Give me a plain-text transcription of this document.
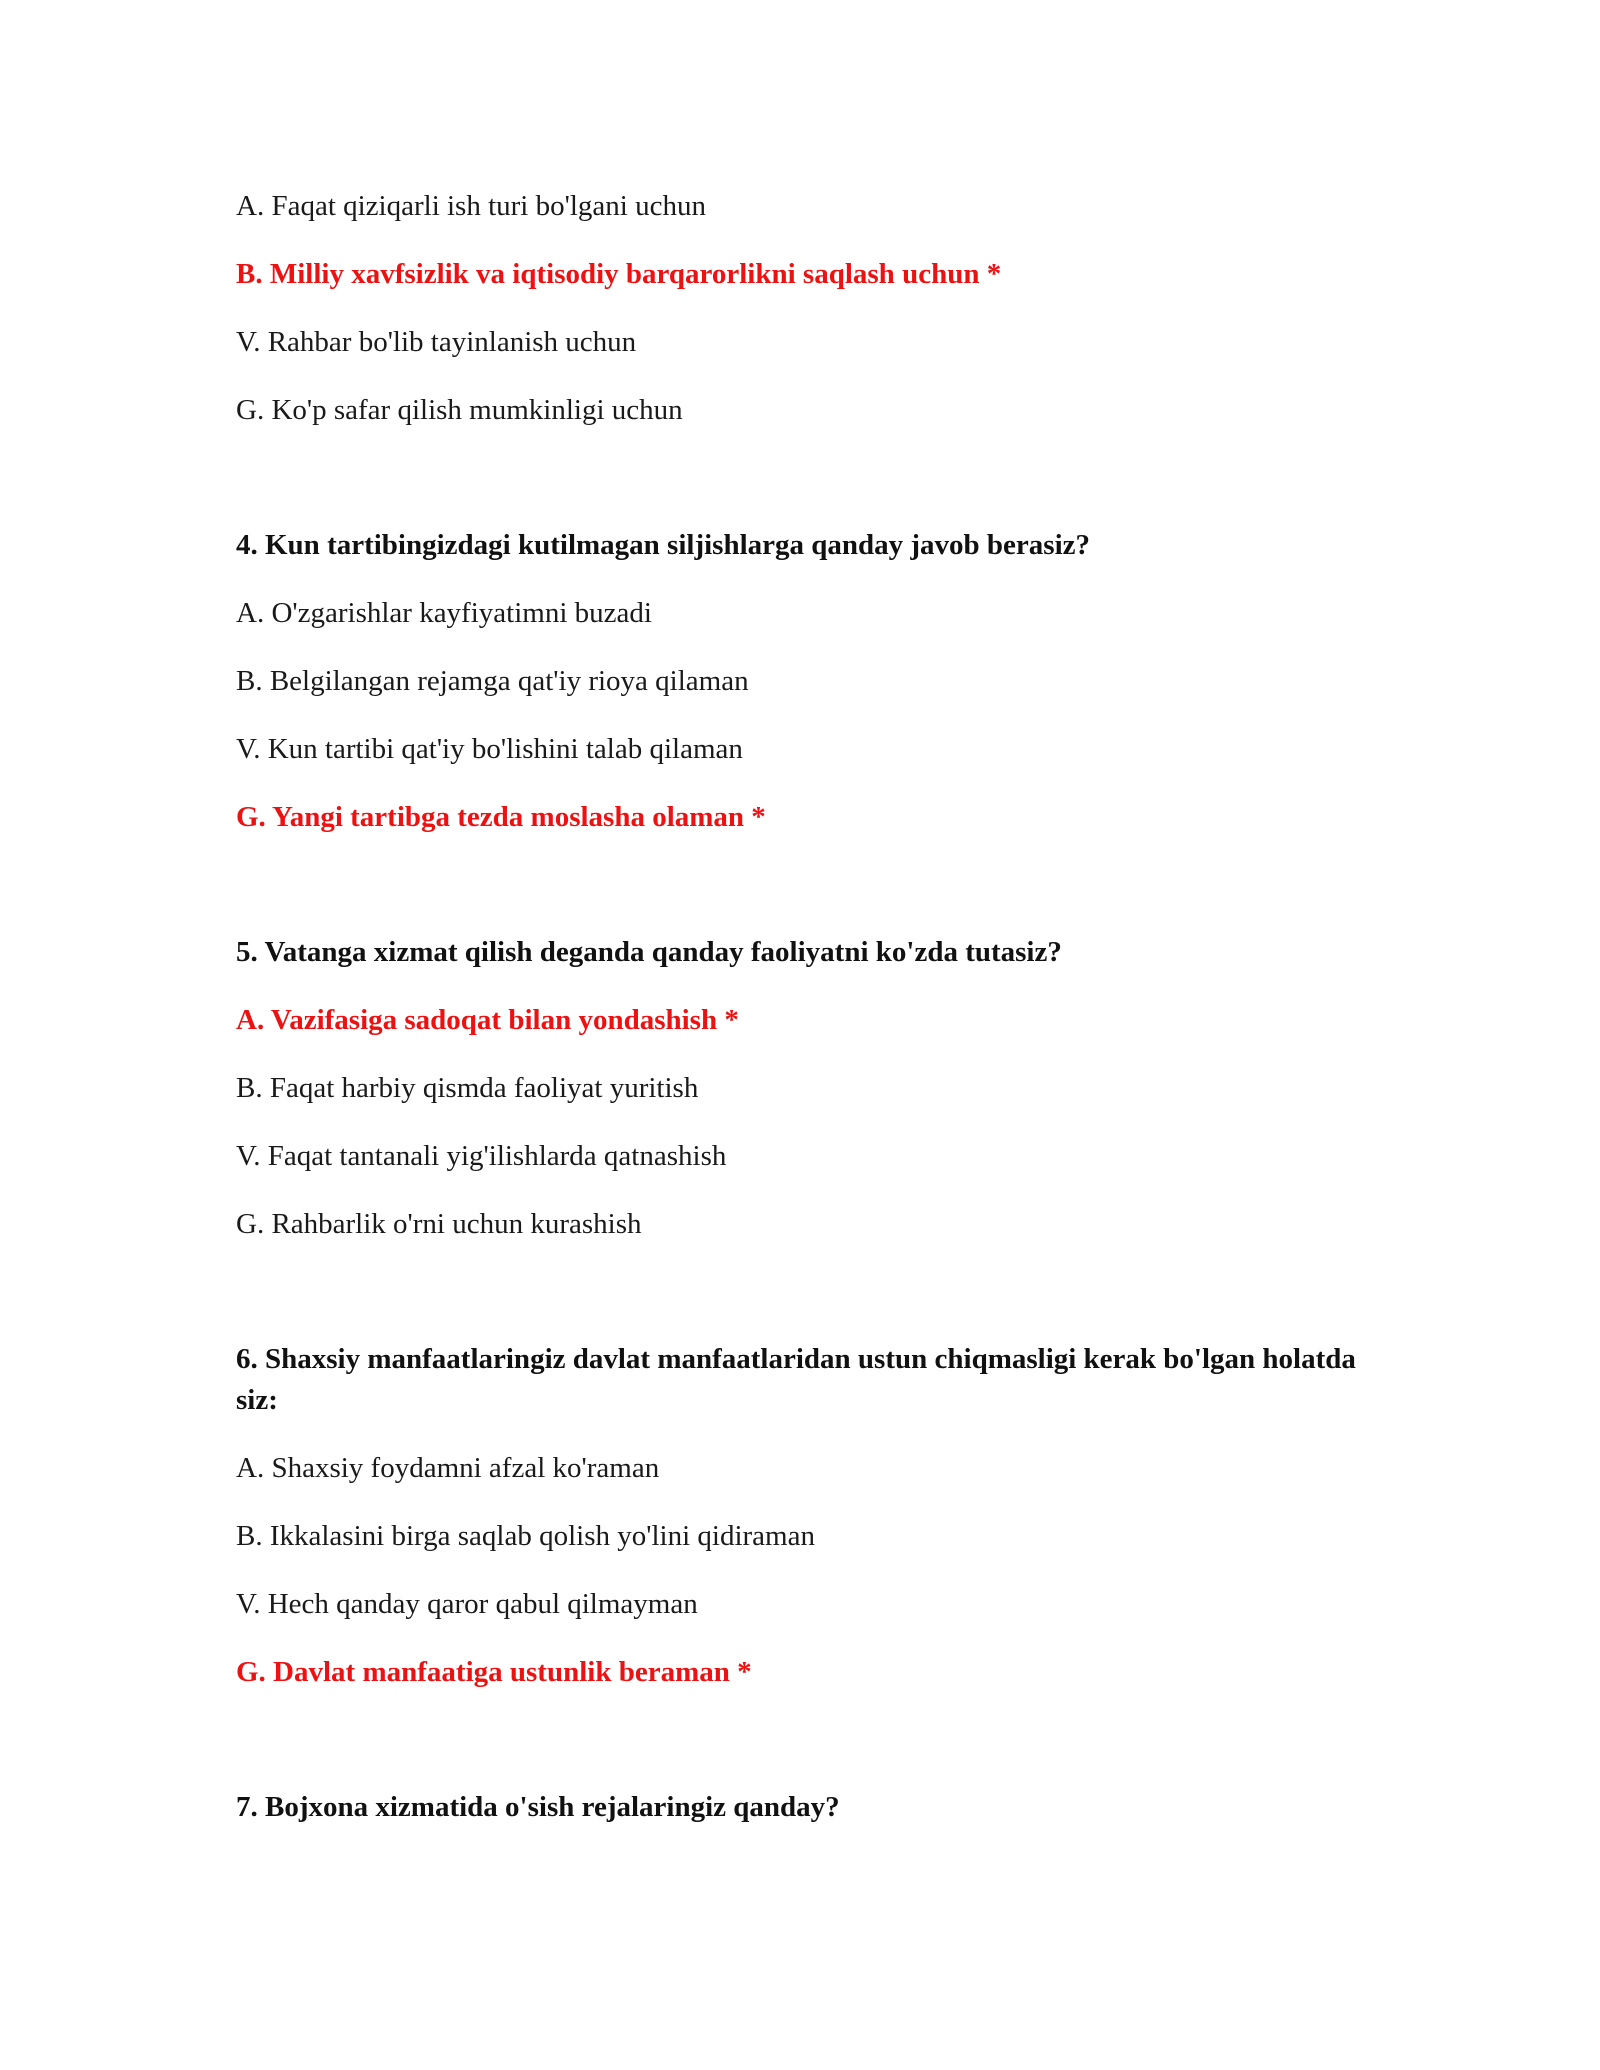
A. Faqat qiziqarli ish turi bo'lgani uchun
B. Milliy xavfsizlik va iqtisodiy barqarorlikni saqlash uchun *
V. Rahbar bo'lib tayinlanish uchun
G. Ko'p safar qilish mumkinligi uchun
4. Kun tartibingizdagi kutilmagan siljishlarga qanday javob berasiz?
A. O'zgarishlar kayfiyatimni buzadi
B. Belgilangan rejamga qat'iy rioya qilaman
V. Kun tartibi qat'iy bo'lishini talab qilaman
G. Yangi tartibga tezda moslasha olaman *
5. Vatanga xizmat qilish deganda qanday faoliyatni ko'zda tutasiz?
A. Vazifasiga sadoqat bilan yondashish *
B. Faqat harbiy qismda faoliyat yuritish
V. Faqat tantanali yig'ilishlarda qatnashish
G. Rahbarlik o'rni uchun kurashish
6. Shaxsiy manfaatlaringiz davlat manfaatlaridan ustun chiqmasligi kerak bo'lgan holatda siz:
A. Shaxsiy foydamni afzal ko'raman
B. Ikkalasini birga saqlab qolish yo'lini qidiraman
V. Hech qanday qaror qabul qilmayman
G. Davlat manfaatiga ustunlik beraman *
7. Bojxona xizmatida o'sish rejalaringiz qanday?
